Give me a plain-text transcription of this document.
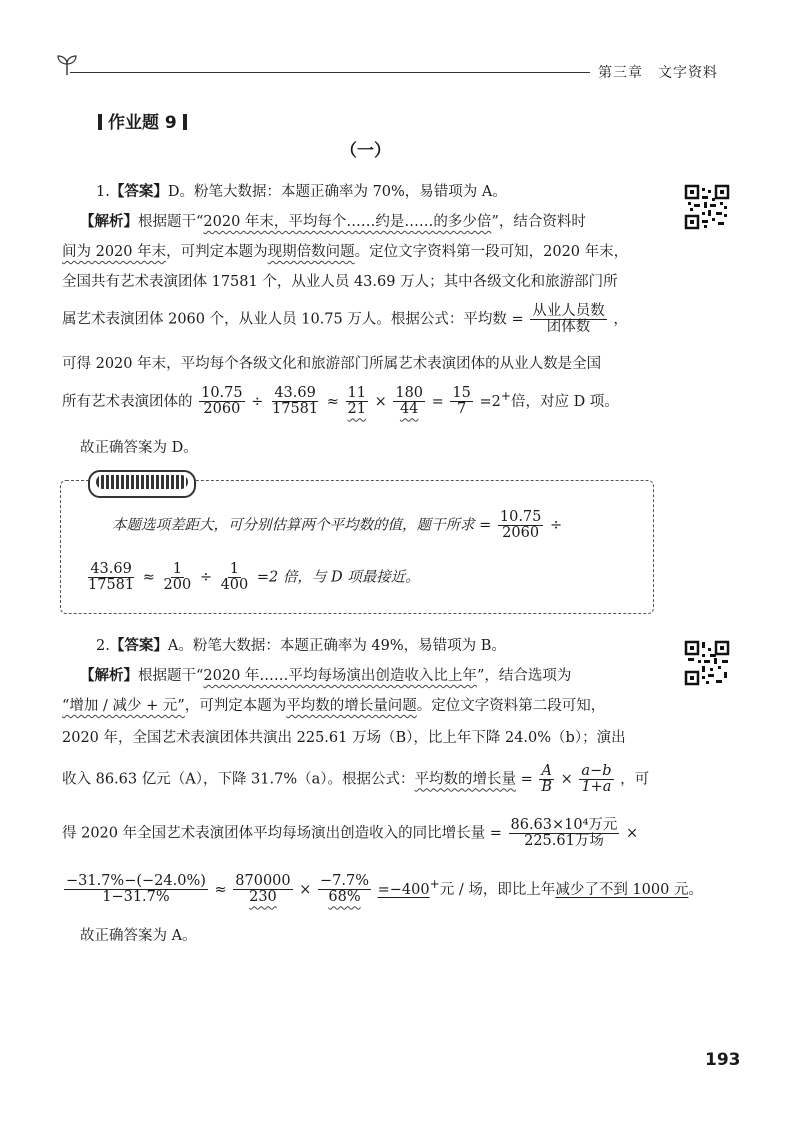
第三章　文字资料
作业题 9
（一）
1.【答案】D。粉笔大数据：本题正确率为 70%，易错项为 A。
【解析】根据题干“2020 年末，平均每个……约是……的多少倍”，结合资料时
间为 2020 年末，可判定本题为现期倍数问题。定位文字资料第一段可知，2020 年末，
全国共有艺术表演团体 17581 个，从业人员 43.69 万人；其中各级文化和旅游部门所
属艺术表演团体 2060 个，从业人员 10.75 万人。根据公式：平均数 = $\frac{\text{从业人员数}}{\text{团体数}}$ ，
可得 2020 年末，平均每个各级文化和旅游部门所属艺术表演团体的从业人数是全国
所有艺术表演团体的 $\frac{10.75}{2060} \div \frac{43.69}{17581} \approx \frac{11}{21} \times \frac{180}{44} = \frac{15}{7} =2^+$倍，对应 D 项。
故正确答案为 D。
本题选项差距大，可分别估算两个平均数的值，题干所求 = $\frac{10.75}{2060}$ ÷
$\frac{43.69}{17581} \approx \frac{1}{200} \div \frac{1}{400} =2$ 倍，与 D 项最接近。
2.【答案】A。粉笔大数据：本题正确率为 49%，易错项为 B。
【解析】根据题干“2020 年……平均每场演出创造收入比上年”，结合选项为
“增加 / 减少 + 元”，可判定本题为平均数的增长量问题。定位文字资料第二段可知，
2020 年，全国艺术表演团体共演出 225.61 万场（B），比上年下降 24.0%（b）；演出
收入 86.63 亿元（A），下降 31.7%（a）。根据公式：平均数的增长量 = $\frac{A}{B} \times \frac{a-b}{1+a}$ ，可
得 2020 年全国艺术表演团体平均每场演出创造收入的同比增长量 = $\frac{\text{86.63×10⁴万元}}{\text{225.61万场}}$ ×
$\frac{-31.7\%-(-24.0\%)}{1-31.7\%} \approx \frac{870000}{230} \times \frac{-7.7\%}{68\%} =-400^+$元 / 场，即比上年减少了不到 1000 元。
故正确答案为 A。
193
